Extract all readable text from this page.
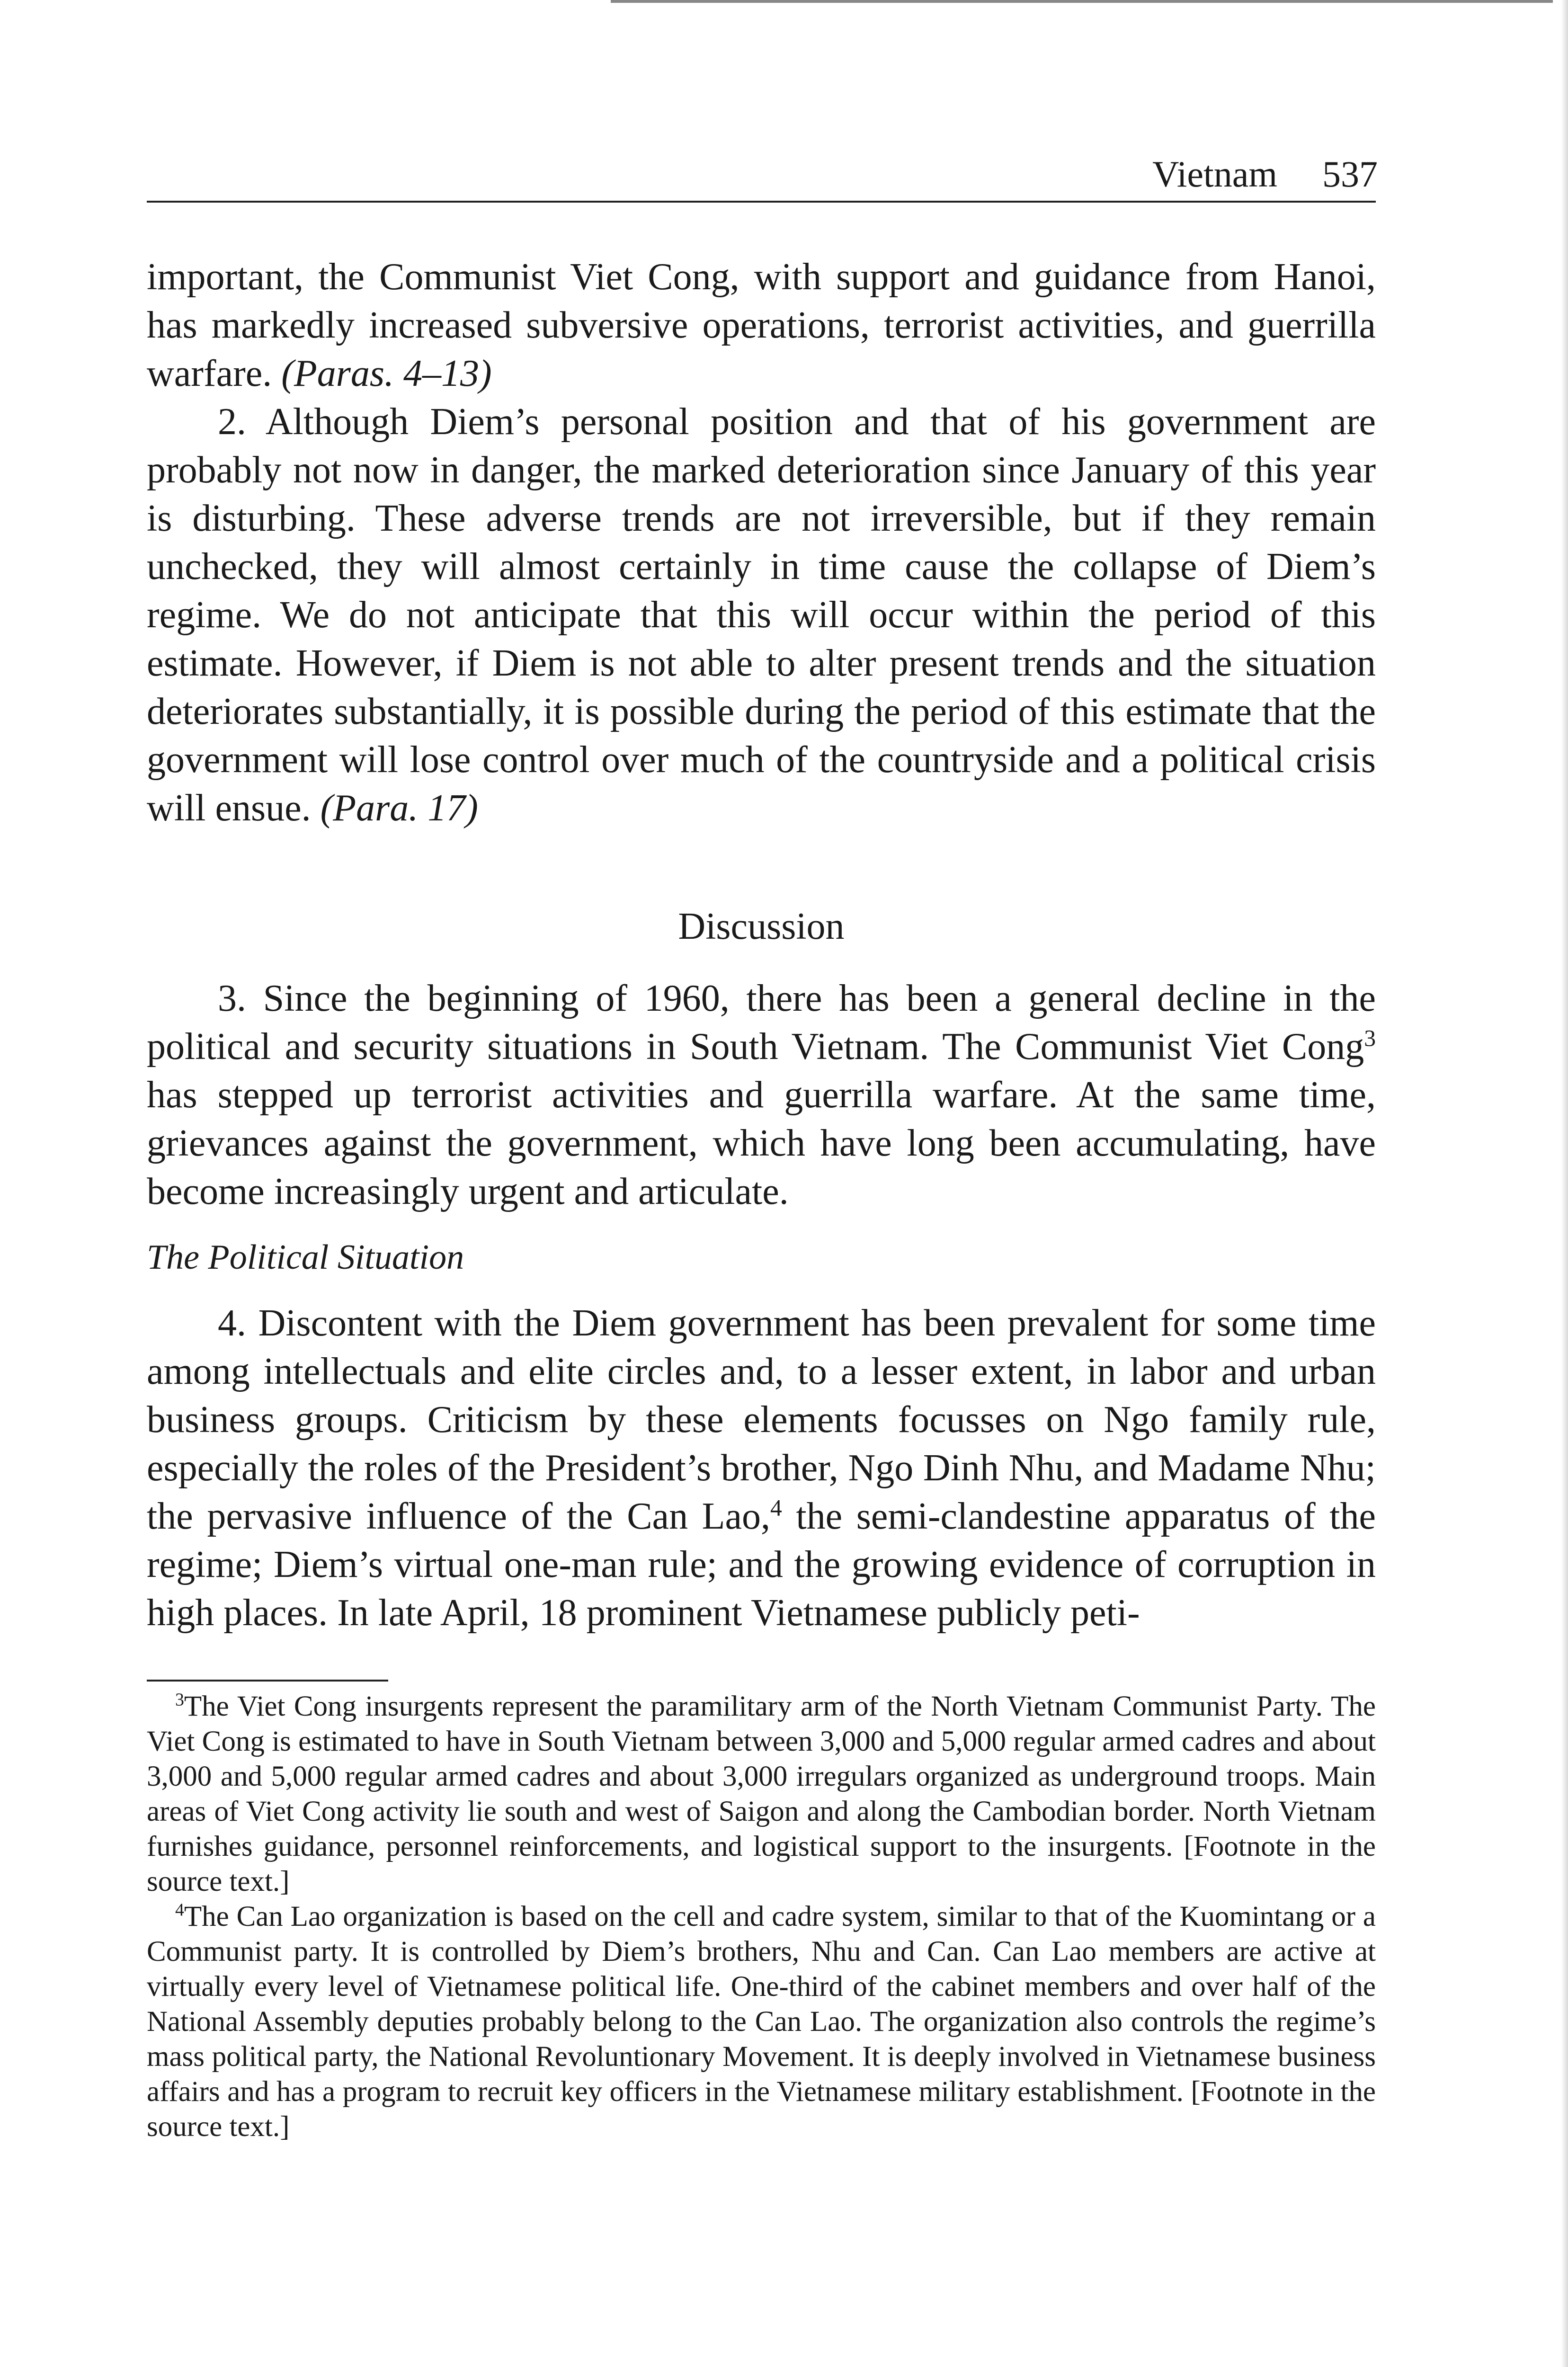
Vietnam 537

important, the Communist Viet Cong, with support and guidance from Hanoi, has markedly increased subversive operations, terrorist activities, and guerrilla warfare. (Paras. 4–13)

2. Although Diem’s personal position and that of his government are probably not now in danger, the marked deterioration since January of this year is disturbing. These adverse trends are not irreversible, but if they remain unchecked, they will almost certainly in time cause the collapse of Diem’s regime. We do not anticipate that this will occur within the period of this estimate. However, if Diem is not able to alter present trends and the situation deteriorates substantially, it is possible during the period of this estimate that the government will lose control over much of the countryside and a political crisis will ensue. (Para. 17)

Discussion

3. Since the beginning of 1960, there has been a general decline in the political and security situations in South Vietnam. The Communist Viet Cong$^3$ has stepped up terrorist activities and guerrilla warfare. At the same time, grievances against the government, which have long been accumulating, have become increasingly urgent and articulate.

The Political Situation

4. Discontent with the Diem government has been prevalent for some time among intellectuals and elite circles and, to a lesser extent, in labor and urban business groups. Criticism by these elements focusses on Ngo family rule, especially the roles of the President’s brother, Ngo Dinh Nhu, and Madame Nhu; the pervasive influence of the Can Lao,$^4$ the semi-clandestine apparatus of the regime; Diem’s virtual one-man rule; and the growing evidence of corruption in high places. In late April, 18 prominent Vietnamese publicly peti-

$^3$The Viet Cong insurgents represent the paramilitary arm of the North Vietnam Communist Party. The Viet Cong is estimated to have in South Vietnam between 3,000 and 5,000 regular armed cadres and about 3,000 and 5,000 regular armed cadres and about 3,000 irregulars organized as underground troops. Main areas of Viet Cong activity lie south and west of Saigon and along the Cambodian border. North Vietnam furnishes guidance, personnel reinforcements, and logistical support to the insurgents. [Footnote in the source text.]

$^4$The Can Lao organization is based on the cell and cadre system, similar to that of the Kuomintang or a Communist party. It is controlled by Diem’s brothers, Nhu and Can. Can Lao members are active at virtually every level of Vietnamese political life. One-third of the cabinet members and over half of the National Assembly deputies probably belong to the Can Lao. The organization also controls the regime’s mass political party, the National Revoluntionary Movement. It is deeply involved in Vietnamese business affairs and has a program to recruit key officers in the Vietnamese military establishment. [Footnote in the source text.]
